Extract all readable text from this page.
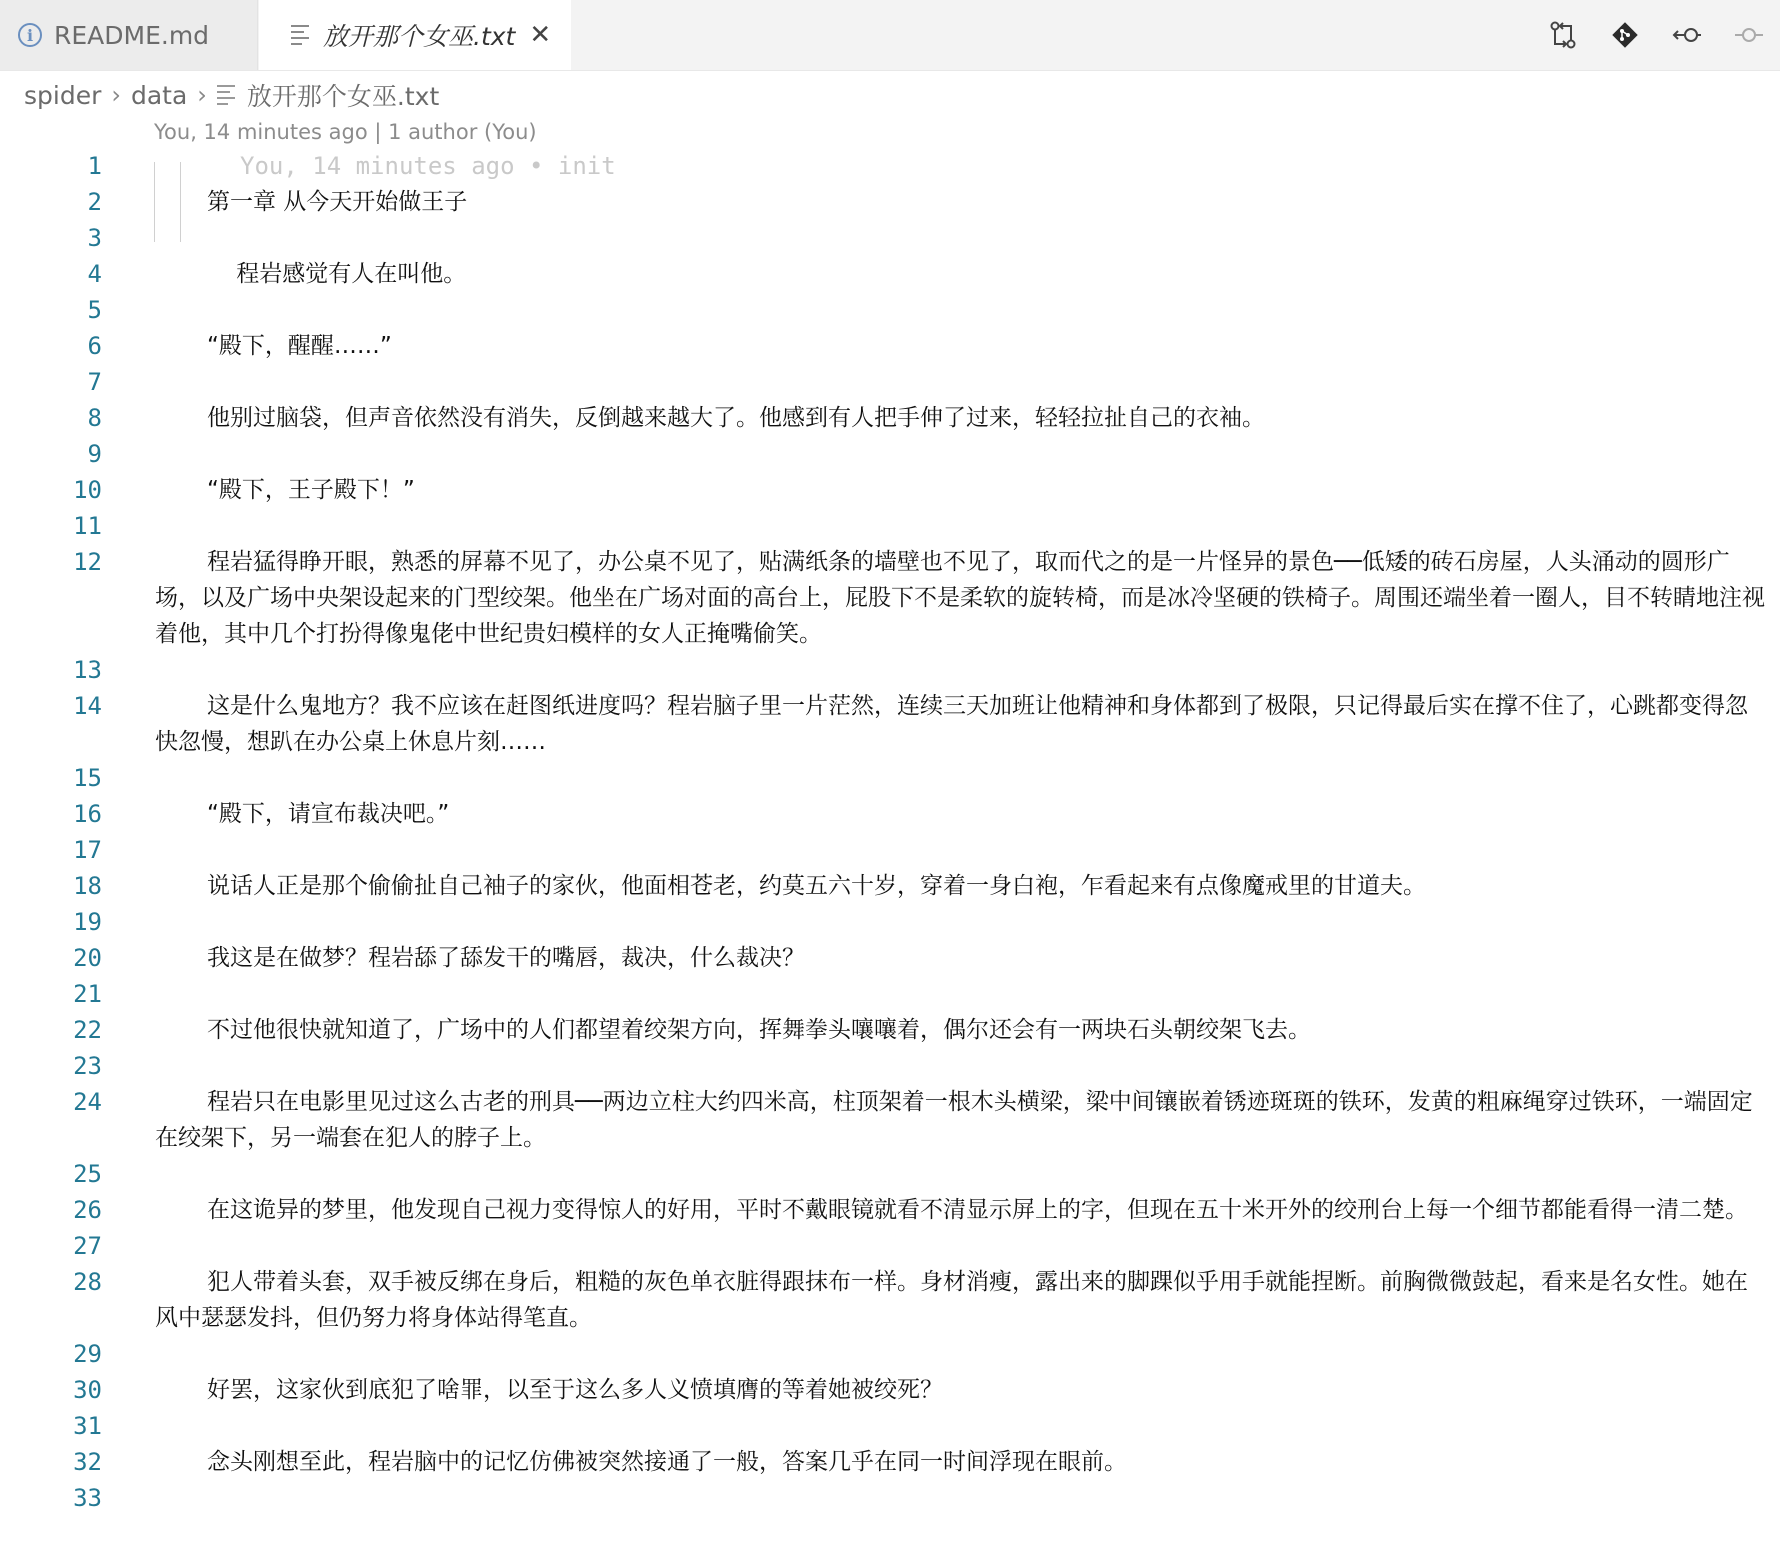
i README.md	放开那个女巫.txt ✕
spider › data › 放开那个女巫.txt
You, 14 minutes ago | 1 author (You)
1	You, 14 minutes ago • init
2	第一章 从今天开始做王子
3
4	程岩感觉有人在叫他。
5
6	“殿下，醒醒……”
7
8	他别过脑袋，但声音依然没有消失，反倒越来越大了。他感到有人把手伸了过来，轻轻拉扯自己的衣袖。
9
10	“殿下，王子殿下！”
11
12	程岩猛得睁开眼，熟悉的屏幕不见了，办公桌不见了，贴满纸条的墙壁也不见了，取而代之的是一片怪异的景色──低矮的砖石房屋，人头涌动的圆形广场，以及广场中央架设起来的门型绞架。他坐在广场对面的高台上，屁股下不是柔软的旋转椅，而是冰冷坚硬的铁椅子。周围还端坐着一圈人，目不转睛地注视着他，其中几个打扮得像鬼佬中世纪贵妇模样的女人正掩嘴偷笑。
13
14	这是什么鬼地方？我不应该在赶图纸进度吗？程岩脑子里一片茫然，连续三天加班让他精神和身体都到了极限，只记得最后实在撑不住了，心跳都变得忽快忽慢，想趴在办公桌上休息片刻……
15
16	“殿下，请宣布裁决吧。”
17
18	说话人正是那个偷偷扯自己袖子的家伙，他面相苍老，约莫五六十岁，穿着一身白袍，乍看起来有点像魔戒里的甘道夫。
19
20	我这是在做梦？程岩舔了舔发干的嘴唇，裁决，什么裁决？
21
22	不过他很快就知道了，广场中的人们都望着绞架方向，挥舞拳头嚷嚷着，偶尔还会有一两块石头朝绞架飞去。
23
24	程岩只在电影里见过这么古老的刑具──两边立柱大约四米高，柱顶架着一根木头横梁，梁中间镶嵌着锈迹斑斑的铁环，发黄的粗麻绳穿过铁环，一端固定在绞架下，另一端套在犯人的脖子上。
25
26	在这诡异的梦里，他发现自己视力变得惊人的好用，平时不戴眼镜就看不清显示屏上的字，但现在五十米开外的绞刑台上每一个细节都能看得一清二楚。
27
28	犯人带着头套，双手被反绑在身后，粗糙的灰色单衣脏得跟抹布一样。身材消瘦，露出来的脚踝似乎用手就能捏断。前胸微微鼓起，看来是名女性。她在风中瑟瑟发抖，但仍努力将身体站得笔直。
29
30	好罢，这家伙到底犯了啥罪，以至于这么多人义愤填膺的等着她被绞死？
31
32	念头刚想至此，程岩脑中的记忆仿佛被突然接通了一般，答案几乎在同一时间浮现在眼前。
33
